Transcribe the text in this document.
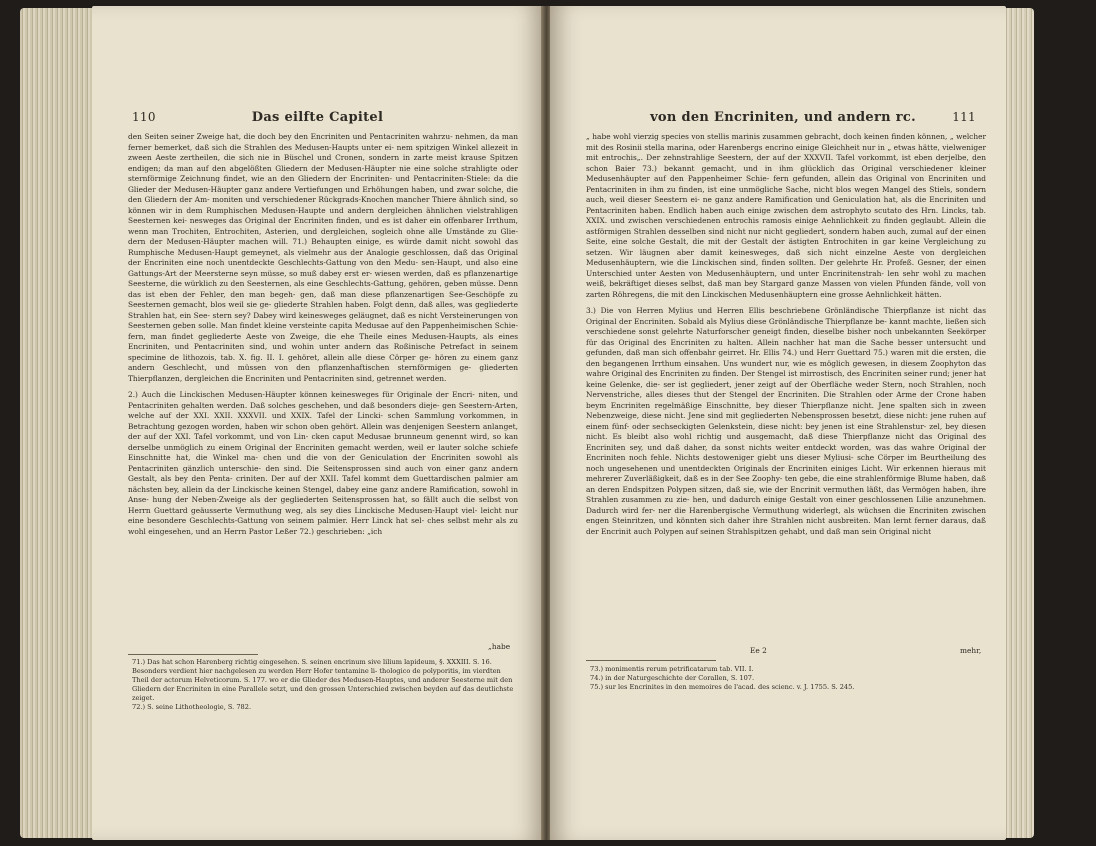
110	Das eilfte Capitel

den Seiten seiner Zweige hat, die doch bey den Encriniten und Pentacriniten wahrzu- nehmen, da man ferner bemerket, daß sich die Strahlen des Medusen-Haupts unter ei- nem spitzigen Winkel allezeit in zween Aeste zertheilen, die sich nie in Büschel und Cronen, sondern in zarte meist krause Spitzen endigen; da man auf den abgelößten Gliedern der Medusen-Häupter nie eine solche strahligte oder sternförmige Zeichnung findet, wie an den Gliedern der Encriniten- und Pentacriniten-Stiele: da die Glieder der Medusen-Häupter ganz andere Vertiefungen und Erhöhungen haben, und zwar solche, die den Gliedern der Am- moniten und verschiedener Rückgrads-Knochen mancher Thiere ähnlich sind, so können wir in dem Rumphischen Medusen-Haupte und andern dergleichen ähnlichen vielstrahligen Seesternen kei- nesweges das Original der Encriniten finden, und es ist daher ein offenbarer Irrthum, wenn man Trochiten, Entrochiten, Asterien, und dergleichen, sogleich ohne alle Umstände zu Glie- dern der Medusen-Häupter machen will. 71.) Behaupten einige, es würde damit nicht sowohl das Rumphische Medusen-Haupt gemeynet, als vielmehr aus der Analogie geschlossen, daß das Original der Encriniten eine noch unentdeckte Geschlechts-Gattung von den Medu- sen-Haupt, und also eine Gattungs-Art der Meersterne seyn müsse, so muß dabey erst er- wiesen werden, daß es pflanzenartige Seesterne, die würklich zu den Seesternen, als eine Geschlechts-Gattung, gehören, geben müsse. Denn das ist eben der Fehler, den man begeh- gen, daß man diese pflanzenartigen See-Geschöpfe zu Seesternen gemacht, blos weil sie ge- gliederte Strahlen haben. Folgt denn, daß alles, was gegliederte Strahlen hat, ein See- stern sey? Dabey wird keinesweges geläugnet, daß es nicht Versteinerungen von Seesternen geben solle. Man findet kleine versteinte capita Medusae auf den Pappenheimischen Schie- fern, man findet gegliederte Aeste von Zweige, die ehe Theile eines Medusen-Haupts, als eines Encriniten, und Pentacriniten sind, und wohin unter andern das Roßinische Petrefact in seinem specimine de lithozois, tab. X. fig. II. I. gehöret, allein alle diese Cörper ge- hören zu einem ganz andern Geschlecht, und müssen von den pflanzenhaftischen sternförmigen ge- gliederten Thierpflanzen, dergleichen die Encriniten und Pentacriniten sind, getrennet werden.

2.) Auch die Linckischen Medusen-Häupter können keinesweges für Originale der Encri- niten, und Pentacriniten gehalten werden. Daß solches geschehen, und daß besonders dieje- gen Seestern-Arten, welche auf der XXI. XXII. XXXVII. und XXIX. Tafel der Lincki- schen Sammlung vorkommen, in Betrachtung gezogen worden, haben wir schon oben gehört. Allein was denjenigen Seestern anlanget, der auf der XXI. Tafel vorkommt, und von Lin- cken caput Medusae brunneum genennt wird, so kan derselbe unmöglich zu einem Original der Encriniten gemacht werden, weil er lauter solche schiefe Einschnitte hat, die Winkel ma- chen und die von der Geniculation der Encriniten sowohl als Pentacriniten gänzlich unterschie- den sind. Die Seitensprossen sind auch von einer ganz andern Gestalt, als bey den Penta- criniten. Der auf der XXII. Tafel kommt dem Guettardischen palmier am nächsten bey, allein da der Linckische keinen Stengel, dabey eine ganz andere Ramification, sowohl in Anse- hung der Neben-Zweige als der gegliederten Seitensprossen hat, so fällt auch die selbst von Herrn Guettard geäusserte Vermuthung weg, als sey dies Linckische Medusen-Haupt viel- leicht nur eine besondere Geschlechts-Gattung von seinem palmier. Herr Linck hat sel- ches selbst mehr als zu wohl eingesehen, und an Herrn Pastor Leßer 72.) geschrieben: „ich

„habe
71.) Das hat schon Harenberg richtig eingesehen. S. seinen encrinum sive lilium lapideum, §. XXXIII. S. 16. Besonders verdient hier nachgelesen zu werden Herr Hofer tentamine li- thologico de polyporitis, im vierdten Theil der actorum Helveticorum. S. 177. wo er die Glieder des Medusen-Hauptes, und anderer Seesterne mit den Gliedern der Encriniten in eine Parallele setzt, und den grossen Unterschied zwischen beyden auf das deutlichste zeiget.
72.) S. seine Lithotheologie, S. 782.
von den Encriniten, und andern rc.	111

„ habe wohl vierzig species von stellis marinis zusammen gebracht, doch keinen finden können, „ welcher mit des Rosinii stella marina, oder Harenbergs encrino einige Gleichheit nur in „ etwas hätte, vielweniger mit entrochis„. Der zehnstrahlige Seestern, der auf der XXXVII. Tafel vorkommt, ist eben derjelbe, den schon Baier 73.) bekannt gemacht, und in ihm glücklich das Original verschiedener kleiner Medusenhäupter auf den Pappenheimer Schie- fern gefunden, allein das Original von Encriniten und Pentacriniten in ihm zu finden, ist eine unmögliche Sache, nicht blos wegen Mangel des Stiels, sondern auch, weil dieser Seestern ei- ne ganz andere Ramification und Geniculation hat, als die Encriniten und Pentacriniten haben. Endlich haben auch einige zwischen dem astrophyto scutato des Hrn. Lincks, tab. XXIX. und zwischen verschiedenen entrochis ramosis einige Aehnlichkeit zu finden geglaubt. Allein die astförmigen Strahlen desselben sind nicht nur nicht gegliedert, sondern haben auch, zumal auf der einen Seite, eine solche Gestalt, die mit der Gestalt der ästigten Entrochiten in gar keine Vergleichung zu setzen. Wir läugnen aber damit keinesweges, daß sich nicht einzelne Aeste von dergleichen Medusenhäuptern, wie die Linckischen sind, finden sollten. Der gelehrte Hr. Profeß. Gesner, der einen Unterschied unter Aesten von Medusenhäuptern, und unter Encrinitenstrah- len sehr wohl zu machen weiß, bekräftiget dieses selbst, daß man bey Stargard ganze Massen von vielen Pfunden fände, voll von zarten Röhregens, die mit den Linckischen Medusenhäuptern eine grosse Aehnlichkeit hätten.

3.) Die von Herren Mylius und Herren Ellis beschriebene Grönländische Thierpflanze ist nicht das Original der Encriniten. Sobald als Mylius diese Grönländische Thierpflanze be- kannt machte, ließen sich verschiedene sonst gelehrte Naturforscher geneigt finden, dieselbe bisher noch unbekannten Seekörper für das Original des Encriniten zu halten. Allein nachher hat man die Sache besser untersucht und gefunden, daß man sich offenbahr geirret. Hr. Ellis 74.) und Herr Guettard 75.) waren mit die ersten, die den begangenen Irrthum einsahen. Uns wundert nur, wie es möglich gewesen, in diesem Zoophyton das wahre Original des Encriniten zu finden. Der Stengel ist mirrostisch, des Encriniten seiner rund; jener hat keine Gelenke, die- ser ist gegliedert, jener zeigt auf der Oberfläche weder Stern, noch Strahlen, noch Nervenstriche, alles dieses thut der Stengel der Encriniten. Die Strahlen oder Arme der Crone haben beym Encriniten regelmäßige Einschnitte, bey dieser Thierpflanze nicht. Jene spalten sich in zween Nebenzweige, diese nicht. Jene sind mit gegliederten Nebensprossen besetzt, diese nicht: jene ruhen auf einem fünf- oder sechseckigten Gelenkstein, diese nicht: bey jenen ist eine Strahlenstur- zel, bey diesen nicht. Es bleibt also wohl richtig und ausgemacht, daß diese Thierpflanze nicht das Original des Encriniten sey, und daß daher, da sonst nichts weiter entdeckt worden, was das wahre Original der Encriniten noch fehle. Nichts destoweniger giebt uns dieser Myliusi- sche Cörper im Beurtheilung des noch ungesehenen und unentdeckten Originals der Encriniten einiges Licht. Wir erkennen hieraus mit mehrerer Zuverläßigkeit, daß es in der See Zoophy- ten gebe, die eine strahlenförmige Blume haben, daß an deren Endspitzen Polypen sitzen, daß sie, wie der Encrinit vermuthen läßt, das Vermögen haben, ihre Strahlen zusammen zu zie- hen, und dadurch einige Gestalt von einer geschlossenen Lilie anzunehmen. Dadurch wird fer- ner die Harenbergische Vermuthung widerlegt, als wüchsen die Encriniten zwischen engen Steinritzen, und könnten sich daher ihre Strahlen nicht ausbreiten. Man lernt ferner daraus, daß der Encrinit auch Polypen auf seinen Strahlspitzen gehabt, und daß man sein Original nicht

Ee 2	mehr,
73.) monimentis rerum petrificatarum tab. VII. I.
74.) in der Naturgeschichte der Corallen, S. 107.
75.) sur les Encrinites in den memoires de l'acad. des scienc. v. J. 1755. S. 245.
